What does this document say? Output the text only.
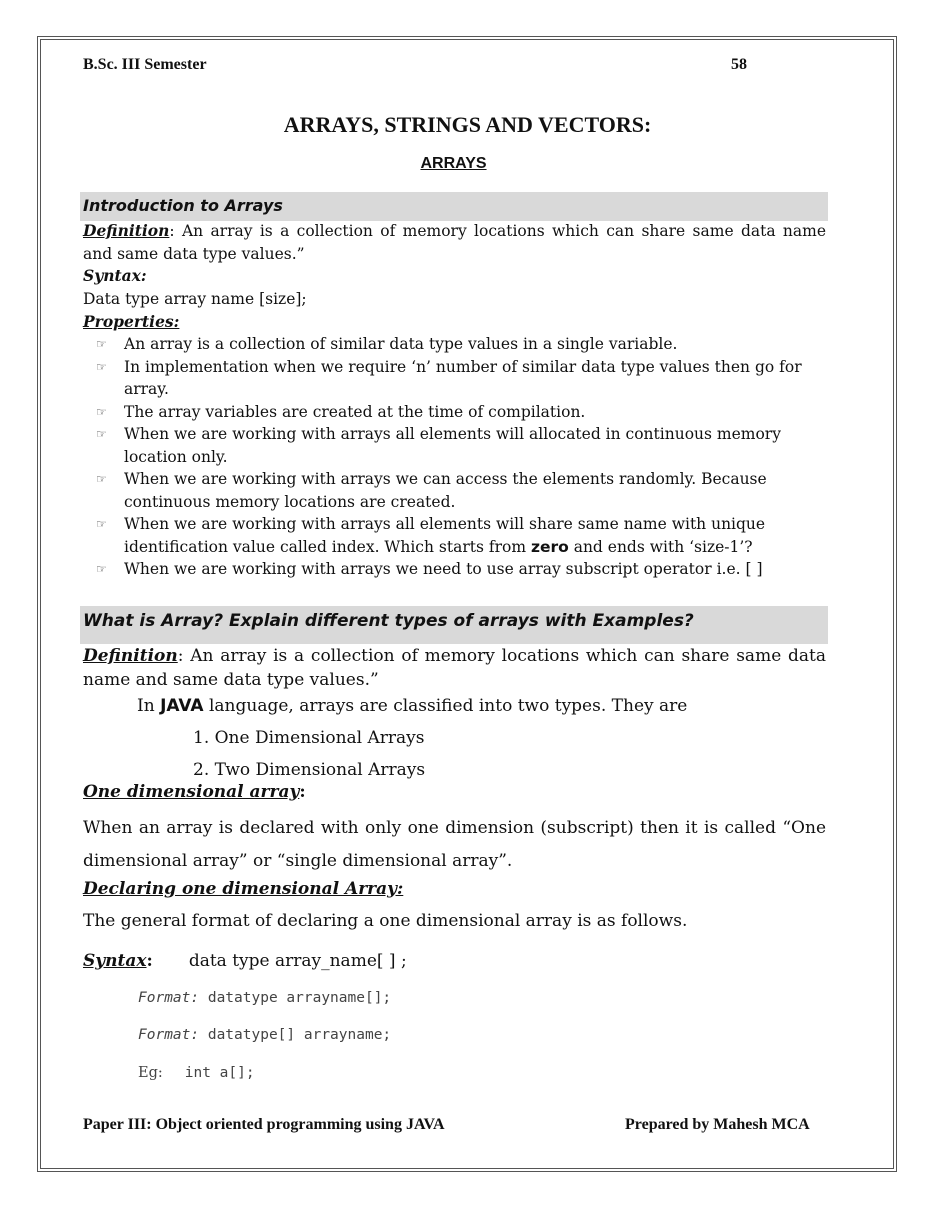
B.Sc. III Semester	58
ARRAYS, STRINGS AND VECTORS:
ARRAYS
Introduction to Arrays

Definition: An array is a collection of memory locations which can share same data name and same data type values.”

Syntax:
Data type array name [size];
Properties:
☞ An array is a collection of similar data type values in a single variable.
☞ In implementation when we require ‘n’ number of similar data type values then go for array.
☞ The array variables are created at the time of compilation.
☞ When we are working with arrays all elements will allocated in continuous memory location only.
☞ When we are working with arrays we can access the elements randomly. Because continuous memory locations are created.
☞ When we are working with arrays all elements will share same name with unique identification value called index. Which starts from zero and ends with ‘size-1’?
☞ When we are working with arrays we need to use array subscript operator i.e. [ ]
What is Array? Explain different types of arrays with Examples?

Definition: An array is a collection of memory locations which can share same data name and same data type values.”

In JAVA language, arrays are classified into two types. They are

1. One Dimensional Arrays
2. Two Dimensional Arrays

One dimensional array:

When an array is declared with only one dimension (subscript) then it is called “One dimensional array” or “single dimensional array”.

Declaring one dimensional Array:
The general format of declaring a one dimensional array is as follows.

Syntax: data type array_name[ ] ;

Format: datatype arrayname[];
Format: datatype[] arrayname;
Eg: int a[];
Paper III: Object oriented programming using JAVA	Prepared by Mahesh MCA
